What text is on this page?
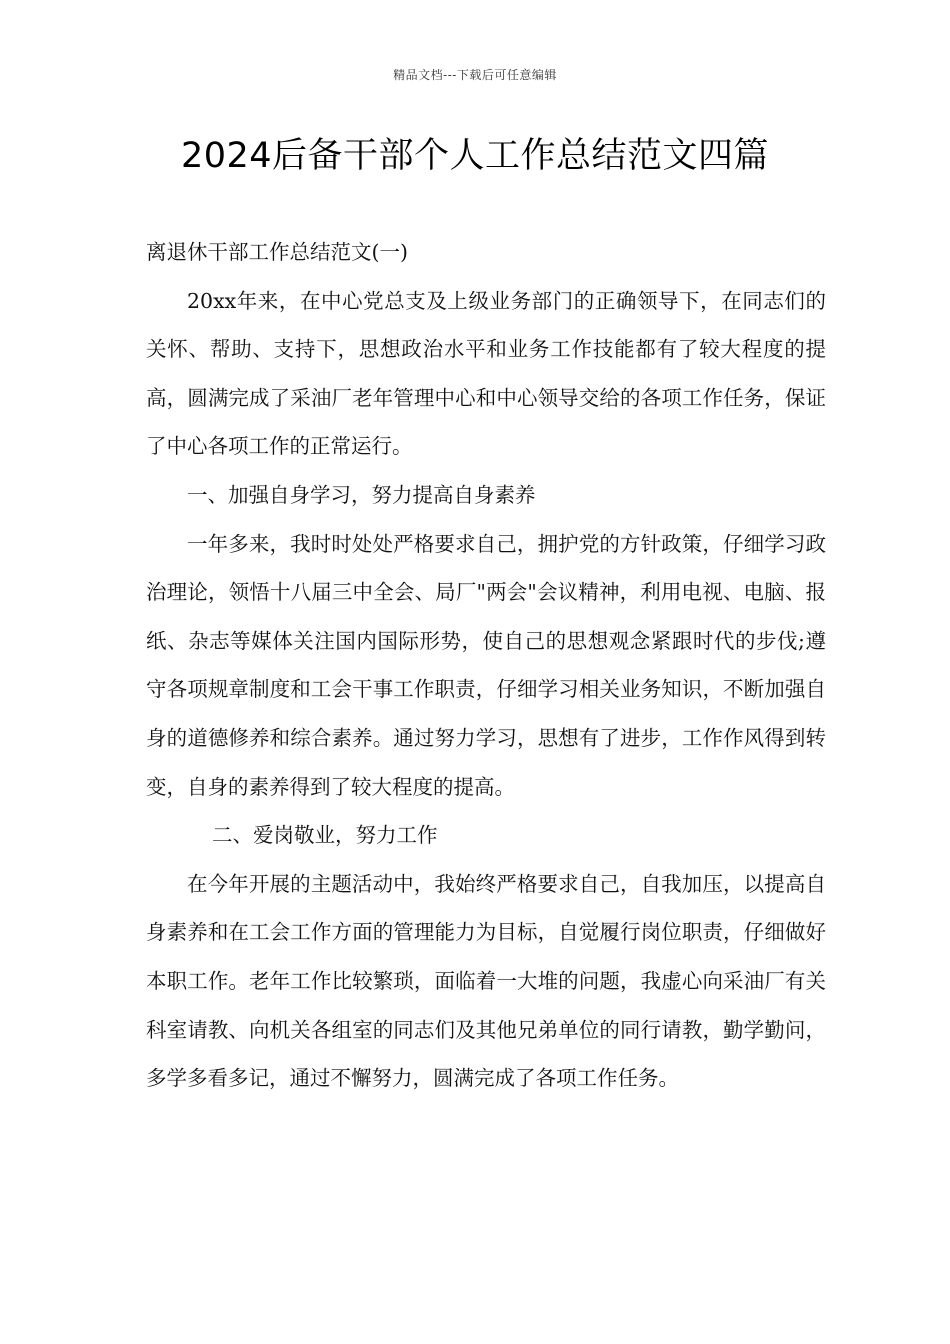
精品文档---下载后可任意编辑
2024后备干部个人工作总结范文四篇

离退休干部工作总结范文(一)

20xx年来，在中心党总支及上级业务部门的正确领导下，在同志们的关怀、帮助、支持下，思想政治水平和业务工作技能都有了较大程度的提高，圆满完成了采油厂老年管理中心和中心领导交给的各项工作任务，保证了中心各项工作的正常运行。

一、加强自身学习，努力提高自身素养

一年多来，我时时处处严格要求自己，拥护党的方针政策，仔细学习政治理论，领悟十八届三中全会、局厂"两会"会议精神，利用电视、电脑、报纸、杂志等媒体关注国内国际形势，使自己的思想观念紧跟时代的步伐;遵守各项规章制度和工会干事工作职责，仔细学习相关业务知识，不断加强自身的道德修养和综合素养。通过努力学习，思想有了进步，工作作风得到转变，自身的素养得到了较大程度的提高。

二、爱岗敬业，努力工作

在今年开展的主题活动中，我始终严格要求自己，自我加压，以提高自身素养和在工会工作方面的管理能力为目标，自觉履行岗位职责，仔细做好本职工作。老年工作比较繁琐，面临着一大堆的问题，我虚心向采油厂有关科室请教、向机关各组室的同志们及其他兄弟单位的同行请教，勤学勤问，多学多看多记，通过不懈努力，圆满完成了各项工作任务。
